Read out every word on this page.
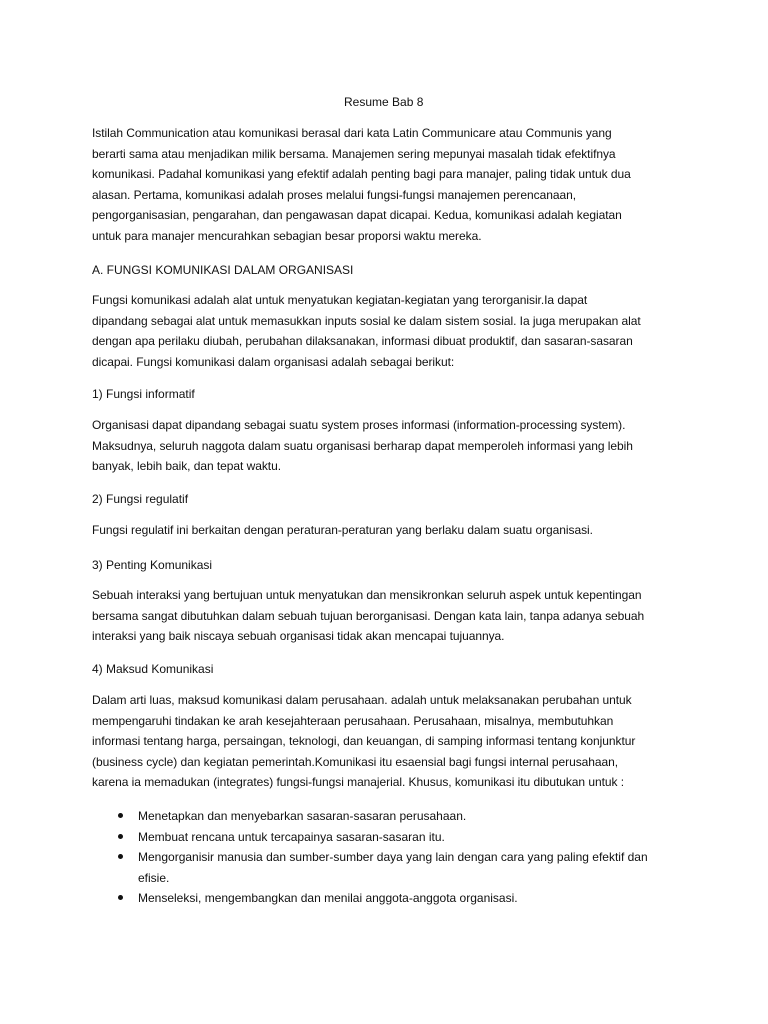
Resume Bab 8
Istilah Communication atau komunikasi berasal dari kata Latin Communicare atau Communis yang
berarti sama atau menjadikan milik bersama. Manajemen sering mepunyai masalah tidak efektifnya
komunikasi. Padahal komunikasi yang efektif adalah penting bagi para manajer, paling tidak untuk dua
alasan. Pertama, komunikasi adalah proses melalui fungsi-fungsi manajemen perencanaan,
pengorganisasian, pengarahan, dan pengawasan dapat dicapai. Kedua, komunikasi adalah kegiatan
untuk para manajer mencurahkan sebagian besar proporsi waktu mereka.
A. FUNGSI KOMUNIKASI DALAM ORGANISASI
Fungsi komunikasi adalah alat untuk menyatukan kegiatan-kegiatan yang terorganisir.Ia dapat
dipandang sebagai alat untuk memasukkan inputs sosial ke dalam sistem sosial. Ia juga merupakan alat
dengan apa perilaku diubah, perubahan dilaksanakan, informasi dibuat produktif, dan sasaran-sasaran
dicapai. Fungsi komunikasi dalam organisasi adalah sebagai berikut:
1) Fungsi informatif
Organisasi dapat dipandang sebagai suatu system proses informasi (information-processing system).
Maksudnya, seluruh naggota dalam suatu organisasi berharap dapat memperoleh informasi yang lebih
banyak, lebih baik, dan tepat waktu.
2) Fungsi regulatif
Fungsi regulatif ini berkaitan dengan peraturan-peraturan yang berlaku dalam suatu organisasi.
3) Penting Komunikasi
Sebuah interaksi yang bertujuan untuk menyatukan dan mensikronkan seluruh aspek untuk kepentingan
bersama sangat dibutuhkan dalam sebuah tujuan berorganisasi. Dengan kata lain, tanpa adanya sebuah
interaksi yang baik niscaya sebuah organisasi tidak akan mencapai tujuannya.
4) Maksud Komunikasi
Dalam arti luas, maksud komunikasi dalam perusahaan. adalah untuk melaksanakan perubahan untuk
mempengaruhi tindakan ke arah kesejahteraan perusahaan. Perusahaan, misalnya, membutuhkan
informasi tentang harga, persaingan, teknologi, dan keuangan, di samping informasi tentang konjunktur
(business cycle) dan kegiatan pemerintah.Komunikasi itu esaensial bagi fungsi internal perusahaan,
karena ia memadukan (integrates) fungsi-fungsi manajerial. Khusus, komunikasi itu dibutukan untuk :
Menetapkan dan menyebarkan sasaran-sasaran perusahaan.
Membuat rencana untuk tercapainya sasaran-sasaran itu.
Mengorganisir manusia dan sumber-sumber daya yang lain dengan cara yang paling efektif dan
efisie.
Menseleksi, mengembangkan dan menilai anggota-anggota organisasi.
